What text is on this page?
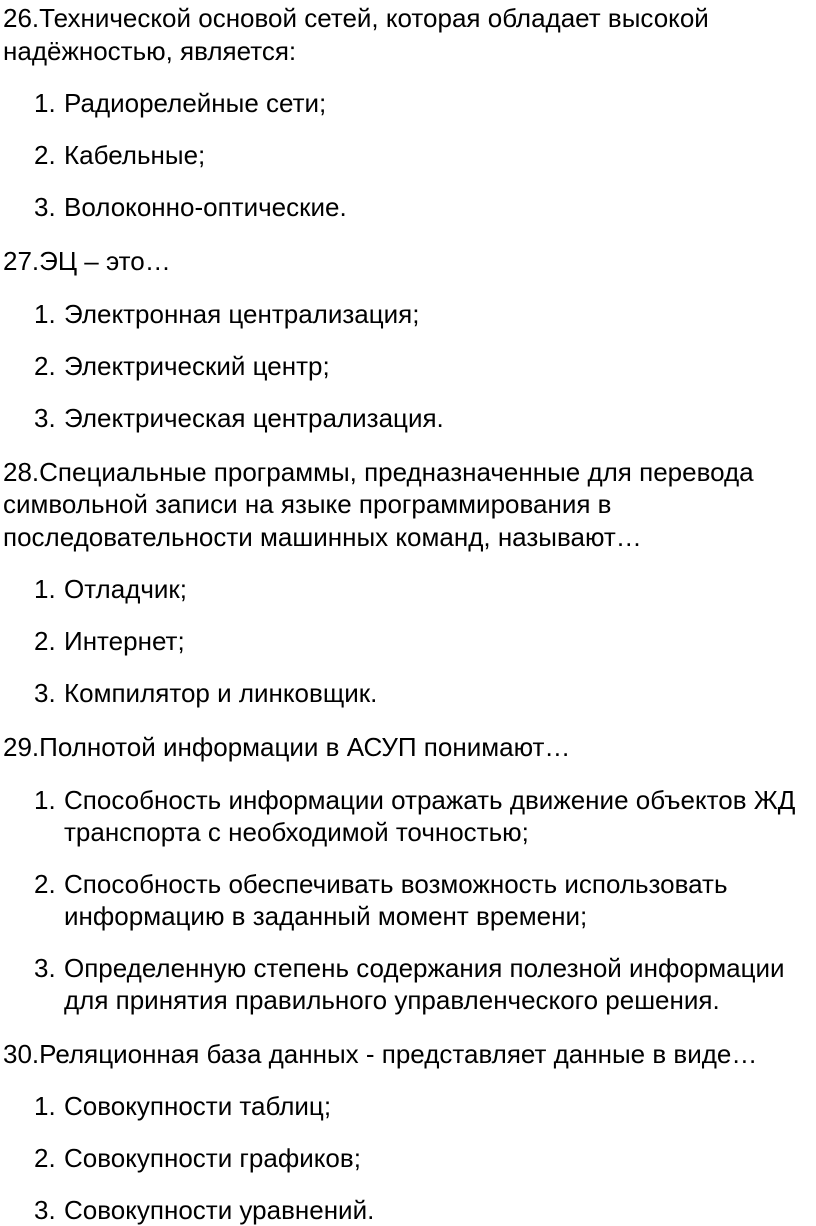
26.Технической основой сетей, которая обладает высокой надёжностью, является:

1. Радиорелейные сети;
2. Кабельные;
3. Волоконно-оптические.

27.ЭЦ – это…

1. Электронная централизация;
2. Электрический центр;
3. Электрическая централизация.

28.Специальные программы, предназначенные для перевода символьной записи на языке программирования в последовательности машинных команд, называют…

1. Отладчик;
2. Интернет;
3. Компилятор и линковщик.

29.Полнотой информации в АСУП понимают…

1. Способность информации отражать движение объектов ЖД транспорта с необходимой точностью;
2. Способность обеспечивать возможность использовать информацию в заданный момент времени;
3. Определенную степень содержания полезной информации для принятия правильного управленческого решения.

30.Реляционная база данных - представляет данные в виде…

1. Совокупности таблиц;
2. Совокупности графиков;
3. Совокупности уравнений.
